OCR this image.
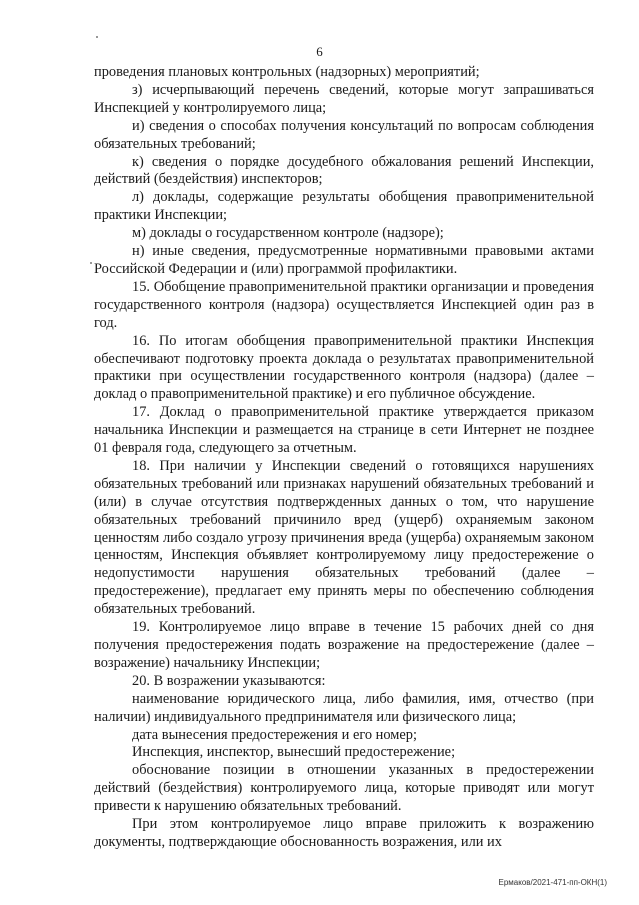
6

проведения плановых контрольных (надзорных) мероприятий;

з) исчерпывающий перечень сведений, которые могут запрашиваться Инспекцией у контролируемого лица;

и) сведения о способах получения консультаций по вопросам соблюдения обязательных требований;

к) сведения о порядке досудебного обжалования решений Инспекции, действий (бездействия) инспекторов;

л) доклады, содержащие результаты обобщения правоприменительной практики Инспекции;

м) доклады о государственном контроле (надзоре);

н) иные сведения, предусмотренные нормативными правовыми актами Российской Федерации и (или) программой профилактики.

15. Обобщение правоприменительной практики организации и проведения государственного контроля (надзора) осуществляется Инспекцией один раз в год.

16. По итогам обобщения правоприменительной практики Инспекция обеспечивают подготовку проекта доклада о результатах правоприменительной практики при осуществлении государственного контроля (надзора) (далее – доклад о правоприменительной практике) и его публичное обсуждение.

17. Доклад о правоприменительной практике утверждается приказом начальника Инспекции и размещается на странице в сети Интернет не позднее 01 февраля года, следующего за отчетным.

18. При наличии у Инспекции сведений о готовящихся нарушениях обязательных требований или признаках нарушений обязательных требований и (или) в случае отсутствия подтвержденных данных о том, что нарушение обязательных требований причинило вред (ущерб) охраняемым законом ценностям либо создало угрозу причинения вреда (ущерба) охраняемым законом ценностям, Инспекция объявляет контролируемому лицу предостережение о недопустимости нарушения обязательных требований (далее – предостережение), предлагает ему принять меры по обеспечению соблюдения обязательных требований.

19. Контролируемое лицо вправе в течение 15 рабочих дней со дня получения предостережения подать возражение на предостережение (далее – возражение) начальнику Инспекции;

20. В возражении указываются:

наименование юридического лица, либо фамилия, имя, отчество (при наличии) индивидуального предпринимателя или физического лица;

дата вынесения предостережения и его номер;

Инспекция, инспектор, вынесший предостережение;

обоснование позиции в отношении указанных в предостережении действий (бездействия) контролируемого лица, которые приводят или могут привести к нарушению обязательных требований.

При этом контролируемое лицо вправе приложить к возражению документы, подтверждающие обоснованность возражения, или их

Ермаков/2021-471-пп-ОКН(1)
